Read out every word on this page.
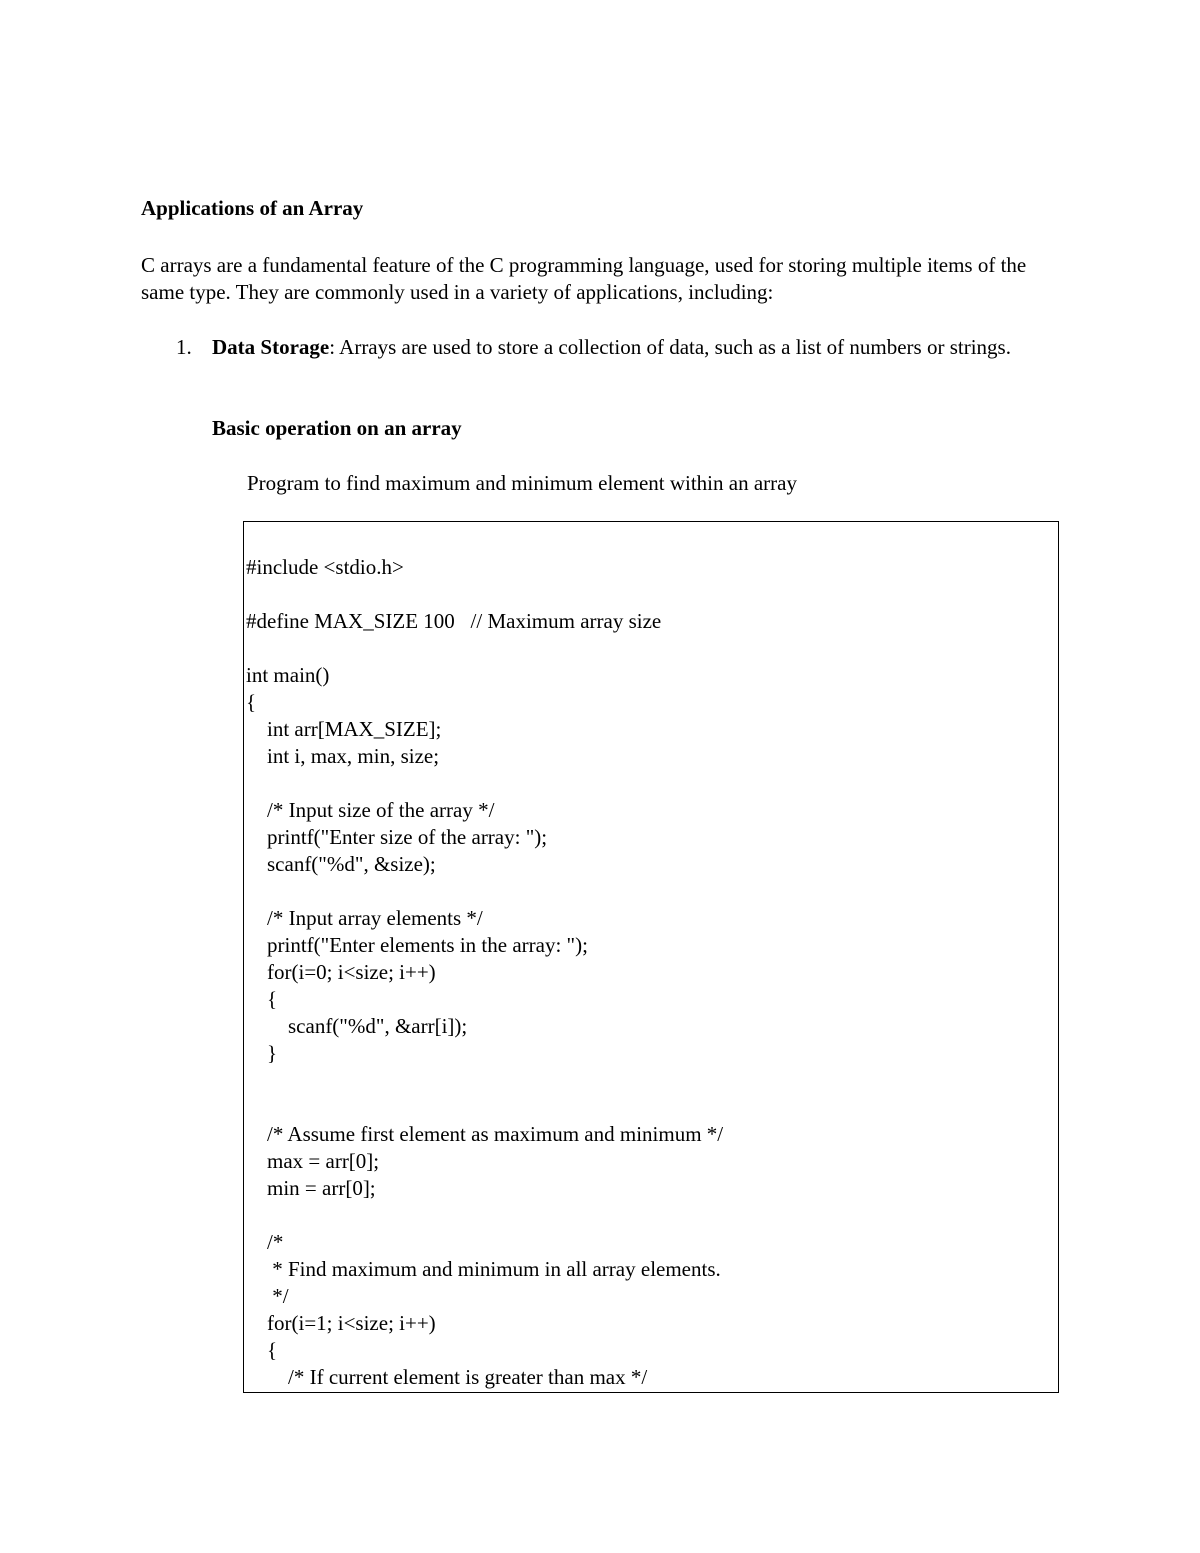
Applications of an Array
C arrays are a fundamental feature of the C programming language, used for storing multiple items of the same type. They are commonly used in a variety of applications, including:
1. Data Storage: Arrays are used to store a collection of data, such as a list of numbers or strings.
Basic operation on an array
Program to find maximum and minimum element within an array
#include <stdio.h>
#define MAX_SIZE 100   // Maximum array size
int main()
{
int arr[MAX_SIZE];
int i, max, min, size;
/* Input size of the array */
printf("Enter size of the array: ");
scanf("%d", &size);
/* Input array elements */
printf("Enter elements in the array: ");
for(i=0; i<size; i++)
{
scanf("%d", &arr[i]);
}
/* Assume first element as maximum and minimum */
max = arr[0];
min = arr[0];
/*
* Find maximum and minimum in all array elements.
*/
for(i=1; i<size; i++)
{
/* If current element is greater than max */
